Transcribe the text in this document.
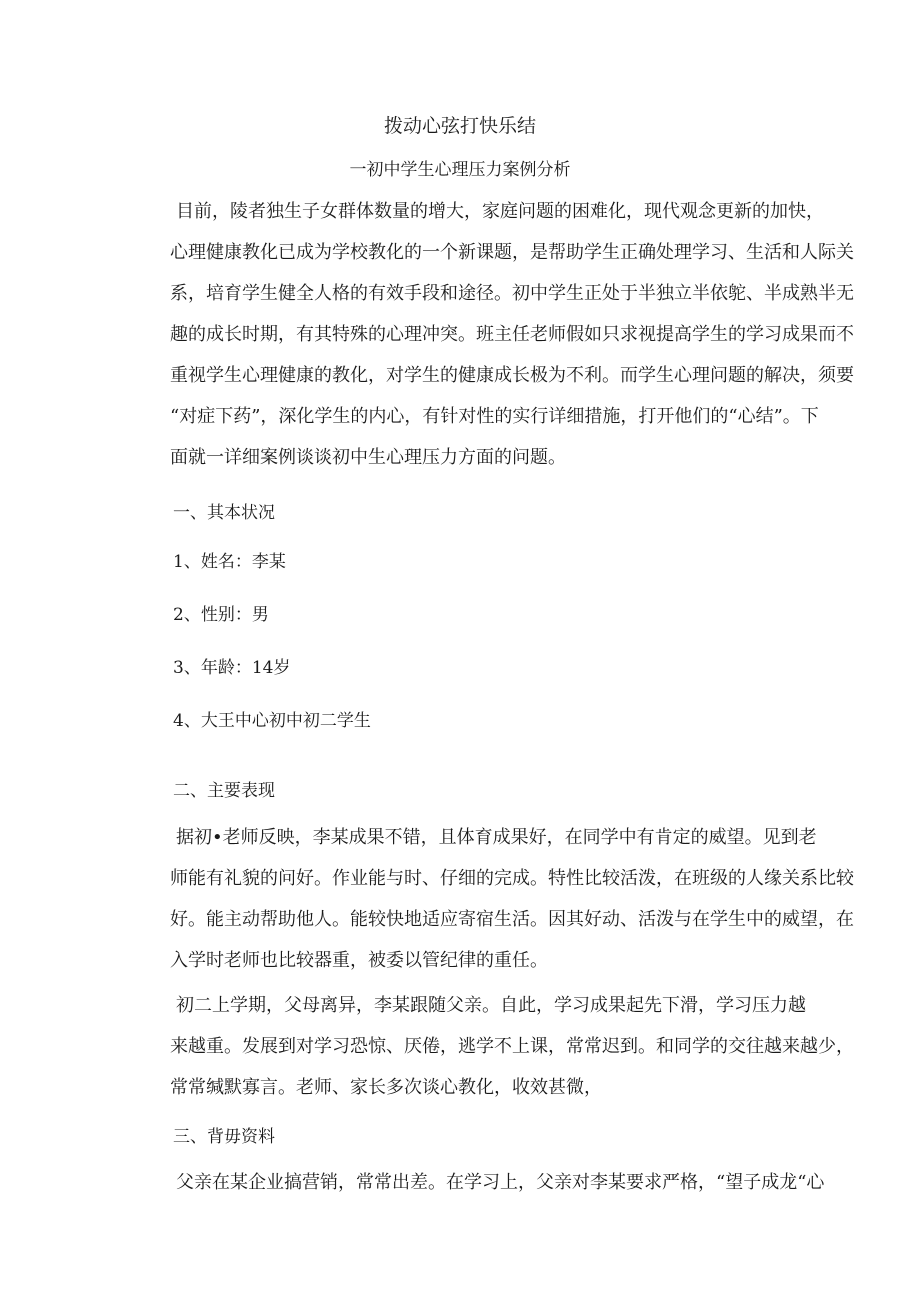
拨动心弦打快乐结
一初中学生心理压力案例分析
目前，陵者独生子女群体数量的增大，家庭问题的困难化，现代观念更新的加快，
心理健康教化已成为学校教化的一个新课题，是帮助学生正确处理学习、生活和人际关
系，培育学生健全人格的有效手段和途径。初中学生正处于半独立半依鸵、半成熟半无
趣的成长时期，有其特殊的心理冲突。班主任老师假如只求视提高学生的学习成果而不
重视学生心理健康的教化，对学生的健康成长极为不利。而学生心理问题的解决，须要
“对症下药”，深化学生的内心，有针对性的实行详细措施，打开他们的“心结”。下
面就一详细案例谈谈初中生心理压力方面的问题。
一、其本状况
1、姓名：李某
2、性别：男
3、年龄：14岁
4、大王中心初中初二学生
二、主要表现
据初•老师反映，李某成果不错，且体育成果好，在同学中有肯定的威望。见到老
师能有礼貌的问好。作业能与时、仔细的完成。特性比较活泼，在班级的人缘关系比较
好。能主动帮助他人。能较快地适应寄宿生活。因其好动、活泼与在学生中的威望，在
入学时老师也比较器重，被委以管纪律的重任。
初二上学期，父母离异，李某跟随父亲。自此，学习成果起先下滑，学习压力越
来越重。发展到对学习恐惊、厌倦，逃学不上课，常常迟到。和同学的交往越来越少，
常常缄默寡言。老师、家长多次谈心教化，收效甚微，
三、背毋资料
父亲在某企业搞营销，常常出差。在学习上，父亲对李某要求严格，“望子成龙“心
